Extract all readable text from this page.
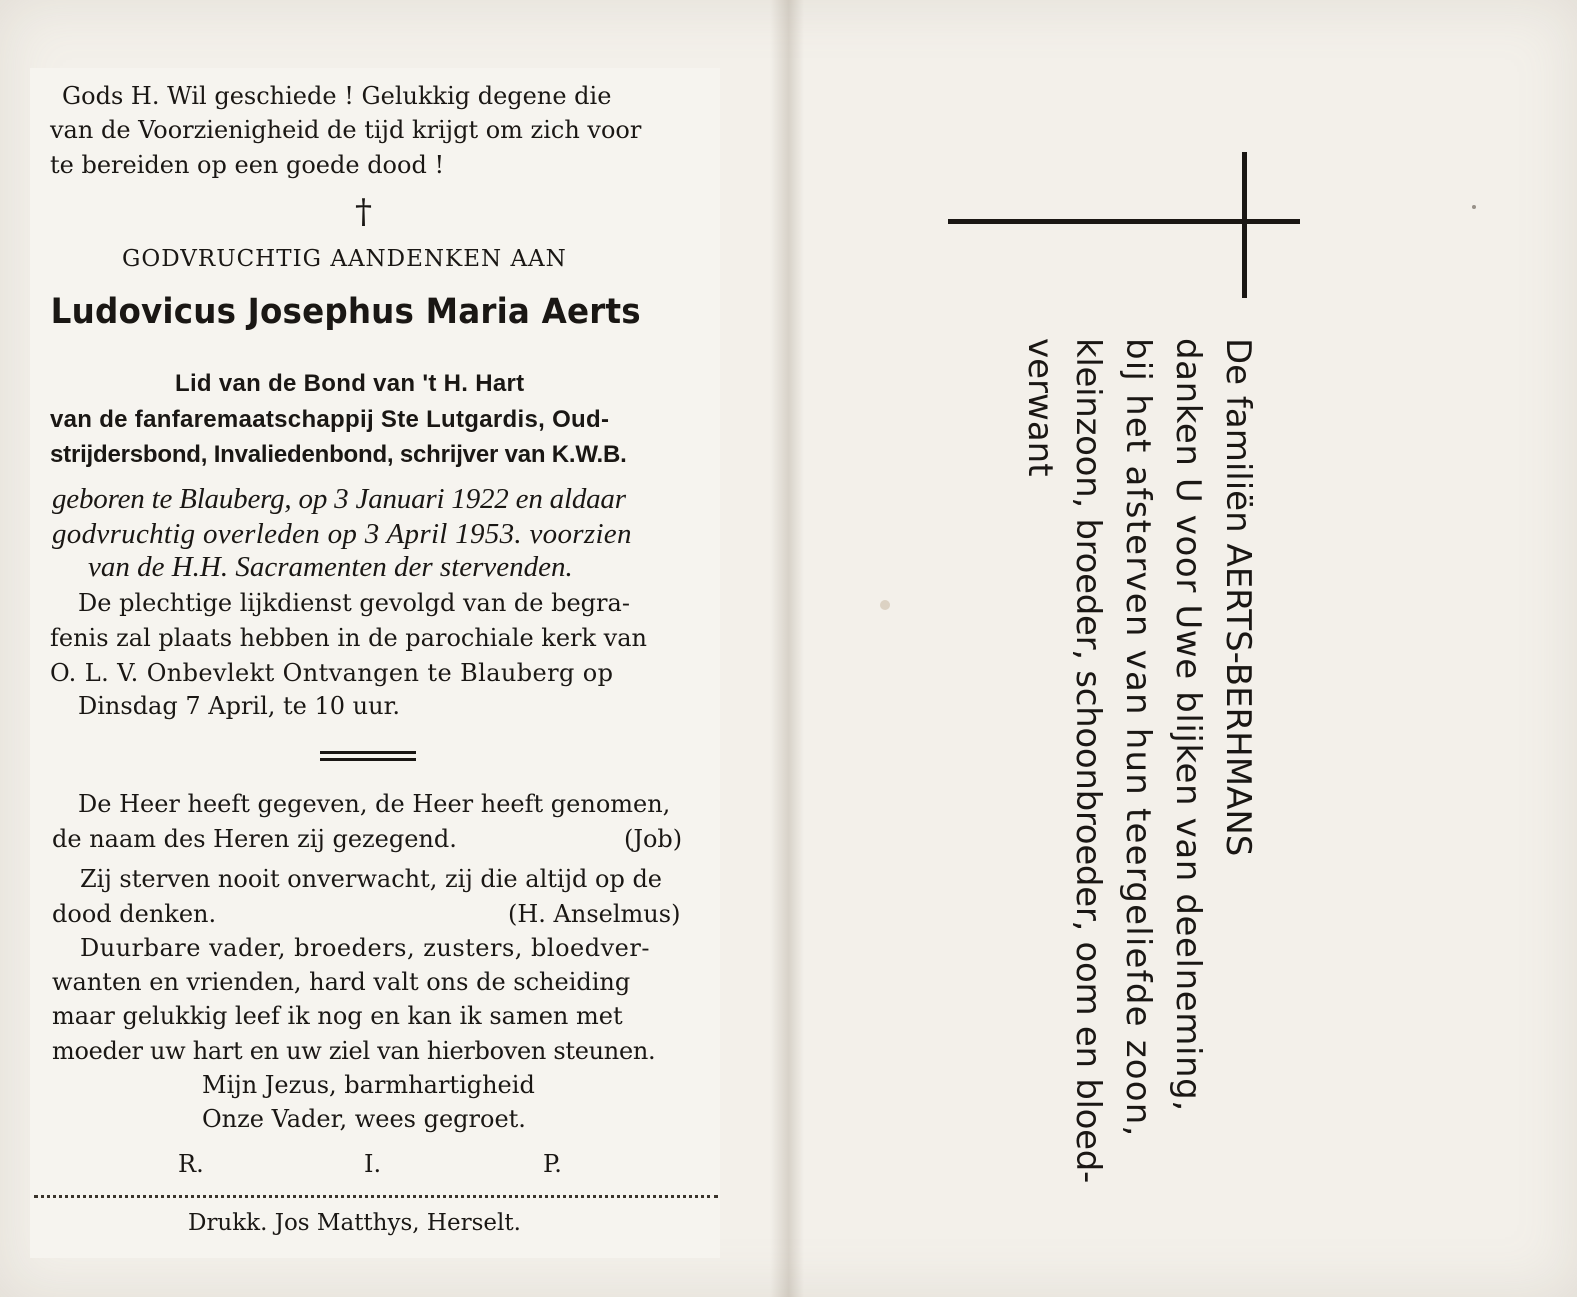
Gods H. Wil geschiede ! Gelukkig degene die
van de Voorzienigheid de tijd krijgt om zich voor
te bereiden op een goede dood !
†
GODVRUCHTIG AANDENKEN AAN
Ludovicus Josephus Maria Aerts
Lid van de Bond van 't H. Hart
van de fanfaremaatschappij Ste Lutgardis, Oud-
strijdersbond, Invaliedenbond, schrijver van K.W.B.
geboren te Blauberg, op 3 Januari 1922 en aldaar
godvruchtig overleden op 3 April 1953. voorzien
van de H.H. Sacramenten der stervenden.
De plechtige lijkdienst gevolgd van de begra-
fenis zal plaats hebben in de parochiale kerk van
O. L. V. Onbevlekt Ontvangen te Blauberg op
Dinsdag 7 April, te 10 uur.
De Heer heeft gegeven, de Heer heeft genomen,
de naam des Heren zij gezegend.	(Job)
Zij sterven nooit onverwacht, zij die altijd op de
dood denken.	(H. Anselmus)
Duurbare vader, broeders, zusters, bloedver-
wanten en vrienden, hard valt ons de scheiding
maar gelukkig leef ik nog en kan ik samen met
moeder uw hart en uw ziel van hierboven steunen.
Mijn Jezus, barmhartigheid
Onze Vader, wees gegroet.
R.	I.	P.
Drukk. Jos Matthys, Herselt.
De familiën AERTS-BERHMANS
danken U voor Uwe blijken van deelneming,
bij het afsterven van hun teergeliefde zoon,
kleinzoon, broeder, schoonbroeder, oom en bloed-
verwant
